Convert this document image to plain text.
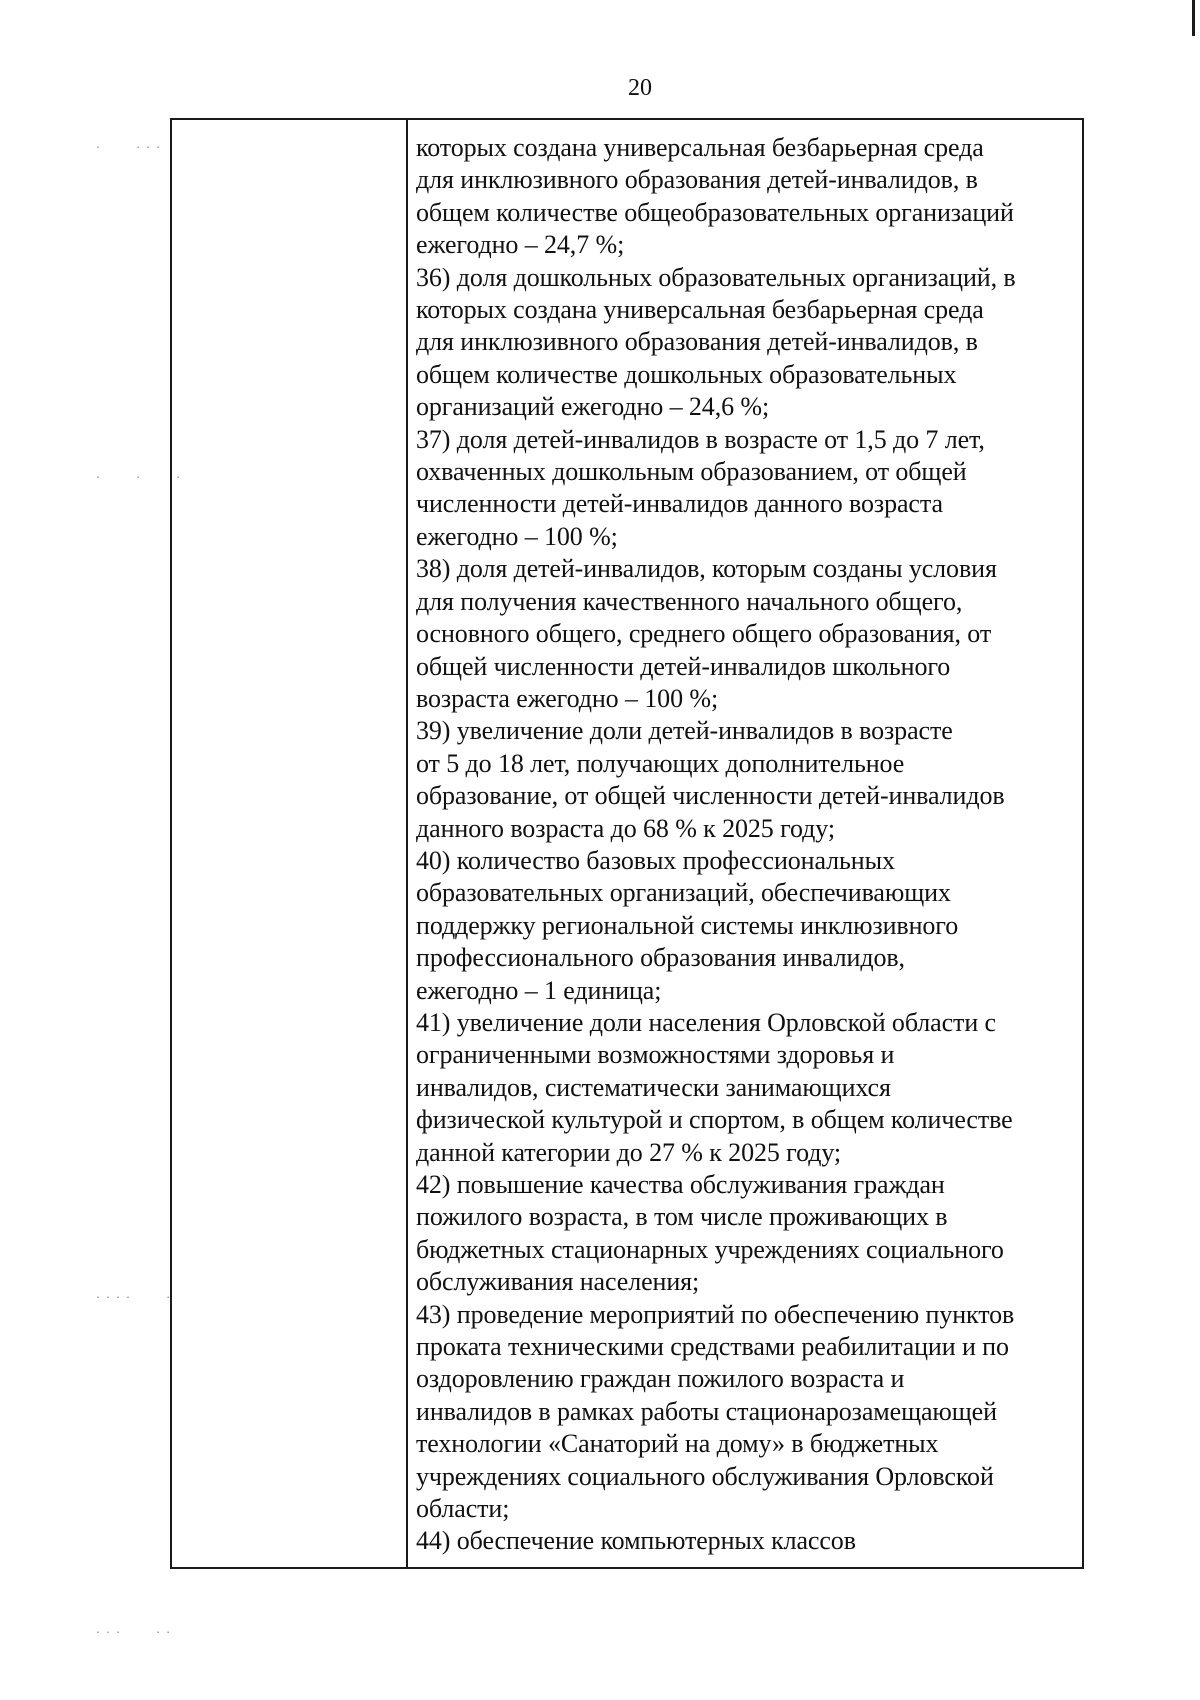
20
которых создана универсальная безбарьерная среда
для инклюзивного образования детей-инвалидов, в
общем количестве общеобразовательных организаций
ежегодно – 24,7 %;
36) доля дошкольных образовательных организаций, в
которых создана универсальная безбарьерная среда
для инклюзивного образования детей-инвалидов, в
общем количестве дошкольных образовательных
организаций ежегодно – 24,6 %;
37) доля детей-инвалидов в возрасте от 1,5 до 7 лет,
охваченных дошкольным образованием, от общей
численности детей-инвалидов данного возраста
ежегодно – 100 %;
38) доля детей-инвалидов, которым созданы условия
для получения качественного начального общего,
основного общего, среднего общего образования, от
общей численности детей-инвалидов школьного
возраста ежегодно – 100 %;
39) увеличение доли детей-инвалидов в возрасте
от 5 до 18 лет, получающих дополнительное
образование, от общей численности детей-инвалидов
данного возраста до 68 % к 2025 году;
40) количество базовых профессиональных
образовательных организаций, обеспечивающих
поддержку региональной системы инклюзивного
профессионального образования инвалидов,
ежегодно – 1 единица;
41) увеличение доли населения Орловской области с
ограниченными возможностями здоровья и
инвалидов, систематически занимающихся
физической культурой и спортом, в общем количестве
данной категории до 27 % к 2025 году;
42) повышение качества обслуживания граждан
пожилого возраста, в том числе проживающих в
бюджетных стационарных учреждениях социального
обслуживания населения;
43) проведение мероприятий по обеспечению пунктов
проката техническими средствами реабилитации и по
оздоровлению граждан пожилого возраста и
инвалидов в рамках работы стационарозамещающей
технологии «Санаторий на дому» в бюджетных
учреждениях социального обслуживания Орловской
области;
44) обеспечение компьютерных классов
.   ...
.   .   .
....   .
...   ..
